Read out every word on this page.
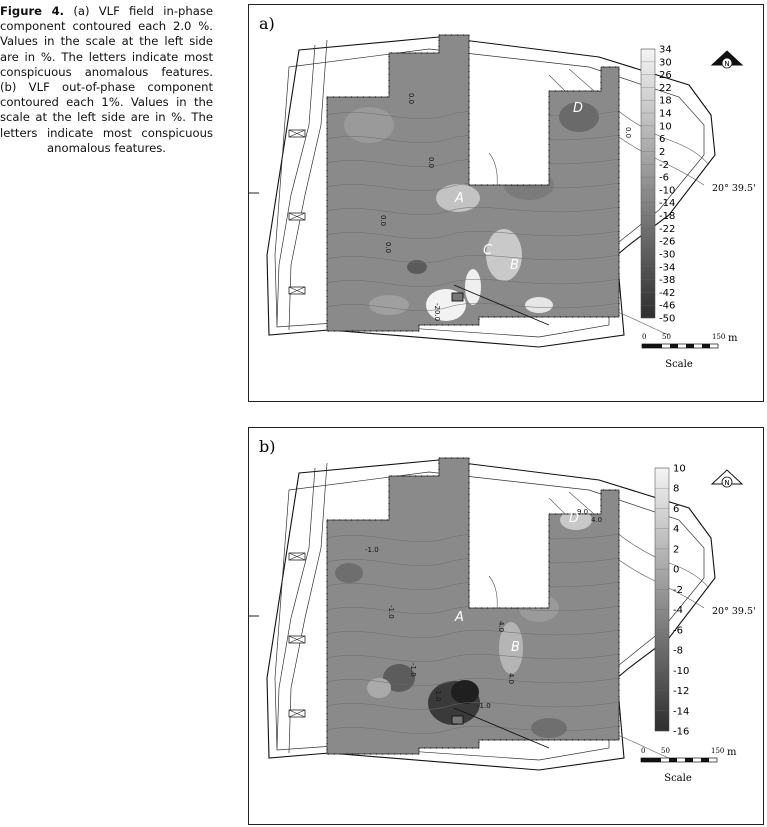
Figure 4. (a) VLF field in-phase component contoured each 2.0 %. Values in the scale at the left side are in %. The letters indicate most conspicuous anomalous features. (b) VLF out-of-phase component contoured each 1%. Values in the scale at the left side are in %. The letters indicate most conspicuous anomalous features.
a)
20° 39.5'
N
34
30
26
22
18
14
10
6
2
-2
-6
-10
-14
-18
-22
-26
-30
-34
-38
-42
-46
-50
A
B
C
D
0.0
0.0
0.0
0.0
0.0
-20.0
0 50	150 m
Scale
b)
20° 39.5'
N
10
8
6
4
2
0
-2
-4
-6
-8
-10
-12
-14
-16
A
B
D
-1.0
-1.0
-1.0
-1.0
4.0
4.0
9.0
4.0
-1.0
0 50	150 m
Scale
